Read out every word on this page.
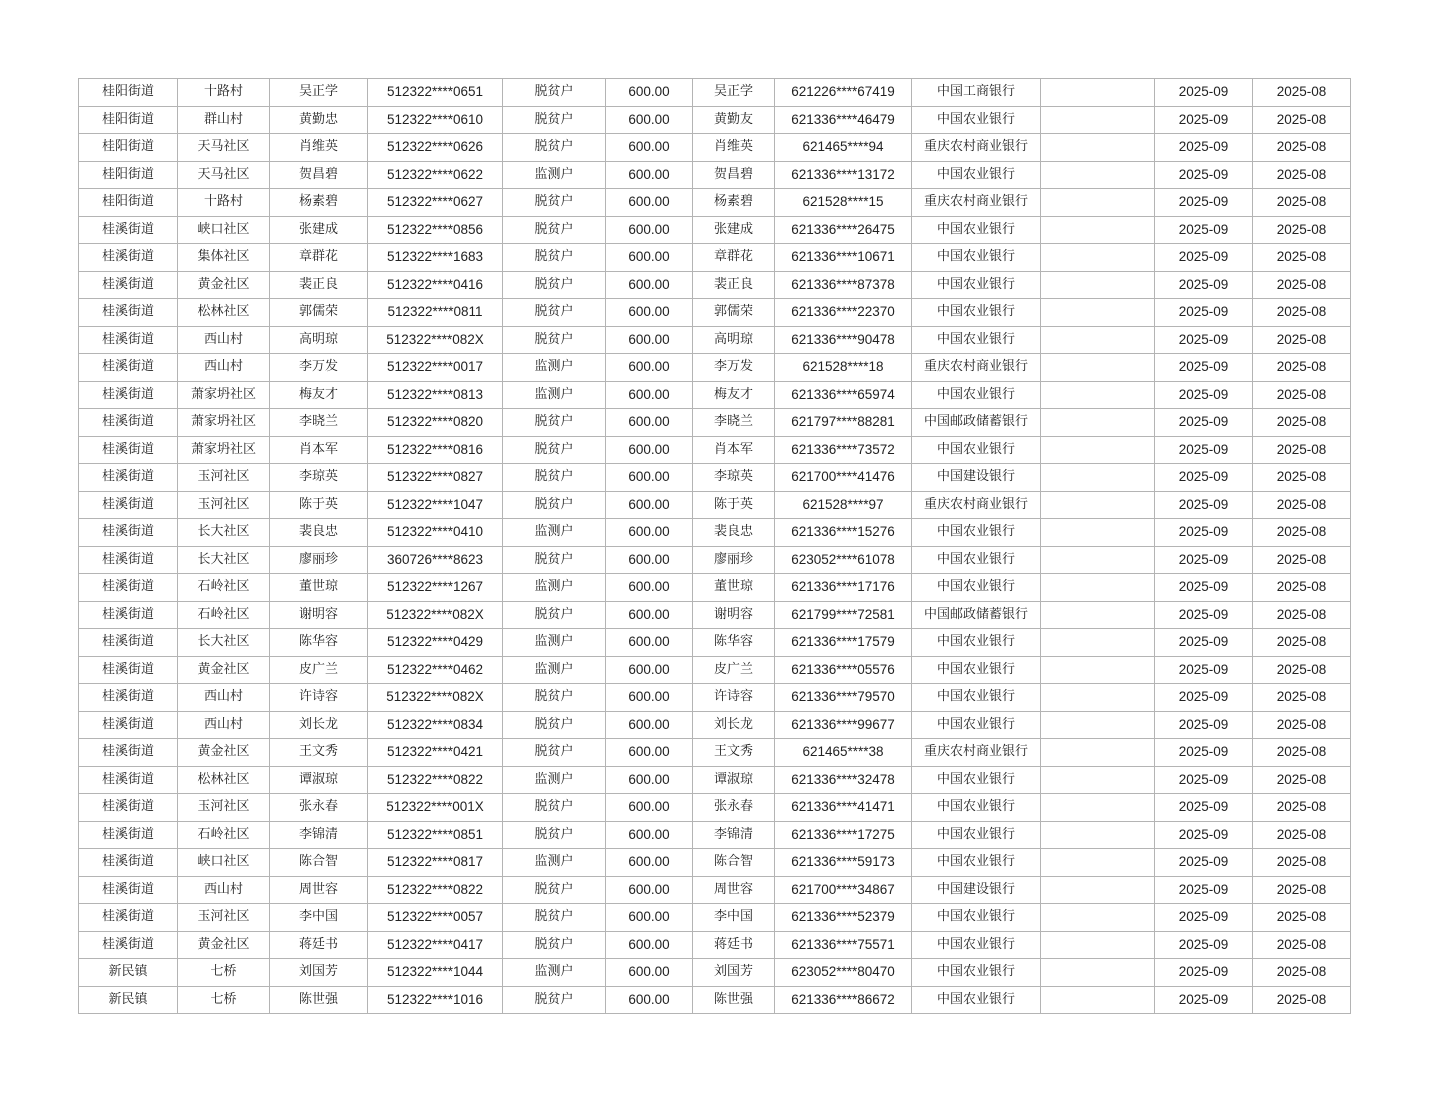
桂阳街道	十路村	吴正学	512322****0651	脱贫户	600.00	吴正学	621226****67419	中国工商银行		2025-09	2025-08
桂阳街道	群山村	黄勤忠	512322****0610	脱贫户	600.00	黄勤友	621336****46479	中国农业银行		2025-09	2025-08
桂阳街道	天马社区	肖维英	512322****0626	脱贫户	600.00	肖维英	621465****94	重庆农村商业银行		2025-09	2025-08
桂阳街道	天马社区	贺昌碧	512322****0622	监测户	600.00	贺昌碧	621336****13172	中国农业银行		2025-09	2025-08
桂阳街道	十路村	杨素碧	512322****0627	脱贫户	600.00	杨素碧	621528****15	重庆农村商业银行		2025-09	2025-08
桂溪街道	峡口社区	张建成	512322****0856	脱贫户	600.00	张建成	621336****26475	中国农业银行		2025-09	2025-08
桂溪街道	集体社区	章群花	512322****1683	脱贫户	600.00	章群花	621336****10671	中国农业银行		2025-09	2025-08
桂溪街道	黄金社区	裴正良	512322****0416	脱贫户	600.00	裴正良	621336****87378	中国农业银行		2025-09	2025-08
桂溪街道	松林社区	郭儒荣	512322****0811	脱贫户	600.00	郭儒荣	621336****22370	中国农业银行		2025-09	2025-08
桂溪街道	西山村	高明琼	512322****082X	脱贫户	600.00	高明琼	621336****90478	中国农业银行		2025-09	2025-08
桂溪街道	西山村	李万发	512322****0017	监测户	600.00	李万发	621528****18	重庆农村商业银行		2025-09	2025-08
桂溪街道	萧家坍社区	梅友才	512322****0813	监测户	600.00	梅友才	621336****65974	中国农业银行		2025-09	2025-08
桂溪街道	萧家坍社区	李晓兰	512322****0820	脱贫户	600.00	李晓兰	621797****88281	中国邮政储蓄银行		2025-09	2025-08
桂溪街道	萧家坍社区	肖本军	512322****0816	脱贫户	600.00	肖本军	621336****73572	中国农业银行		2025-09	2025-08
桂溪街道	玉河社区	李琼英	512322****0827	脱贫户	600.00	李琼英	621700****41476	中国建设银行		2025-09	2025-08
桂溪街道	玉河社区	陈于英	512322****1047	脱贫户	600.00	陈于英	621528****97	重庆农村商业银行		2025-09	2025-08
桂溪街道	长大社区	裴良忠	512322****0410	监测户	600.00	裴良忠	621336****15276	中国农业银行		2025-09	2025-08
桂溪街道	长大社区	廖丽珍	360726****8623	脱贫户	600.00	廖丽珍	623052****61078	中国农业银行		2025-09	2025-08
桂溪街道	石岭社区	董世琼	512322****1267	监测户	600.00	董世琼	621336****17176	中国农业银行		2025-09	2025-08
桂溪街道	石岭社区	谢明容	512322****082X	脱贫户	600.00	谢明容	621799****72581	中国邮政储蓄银行		2025-09	2025-08
桂溪街道	长大社区	陈华容	512322****0429	监测户	600.00	陈华容	621336****17579	中国农业银行		2025-09	2025-08
桂溪街道	黄金社区	皮广兰	512322****0462	监测户	600.00	皮广兰	621336****05576	中国农业银行		2025-09	2025-08
桂溪街道	西山村	许诗容	512322****082X	脱贫户	600.00	许诗容	621336****79570	中国农业银行		2025-09	2025-08
桂溪街道	西山村	刘长龙	512322****0834	脱贫户	600.00	刘长龙	621336****99677	中国农业银行		2025-09	2025-08
桂溪街道	黄金社区	王文秀	512322****0421	脱贫户	600.00	王文秀	621465****38	重庆农村商业银行		2025-09	2025-08
桂溪街道	松林社区	谭淑琼	512322****0822	监测户	600.00	谭淑琼	621336****32478	中国农业银行		2025-09	2025-08
桂溪街道	玉河社区	张永春	512322****001X	脱贫户	600.00	张永春	621336****41471	中国农业银行		2025-09	2025-08
桂溪街道	石岭社区	李锦清	512322****0851	脱贫户	600.00	李锦清	621336****17275	中国农业银行		2025-09	2025-08
桂溪街道	峡口社区	陈合智	512322****0817	监测户	600.00	陈合智	621336****59173	中国农业银行		2025-09	2025-08
桂溪街道	西山村	周世容	512322****0822	脱贫户	600.00	周世容	621700****34867	中国建设银行		2025-09	2025-08
桂溪街道	玉河社区	李中国	512322****0057	脱贫户	600.00	李中国	621336****52379	中国农业银行		2025-09	2025-08
桂溪街道	黄金社区	蒋廷书	512322****0417	脱贫户	600.00	蒋廷书	621336****75571	中国农业银行		2025-09	2025-08
新民镇	七桥	刘国芳	512322****1044	监测户	600.00	刘国芳	623052****80470	中国农业银行		2025-09	2025-08
新民镇	七桥	陈世强	512322****1016	脱贫户	600.00	陈世强	621336****86672	中国农业银行		2025-09	2025-08
